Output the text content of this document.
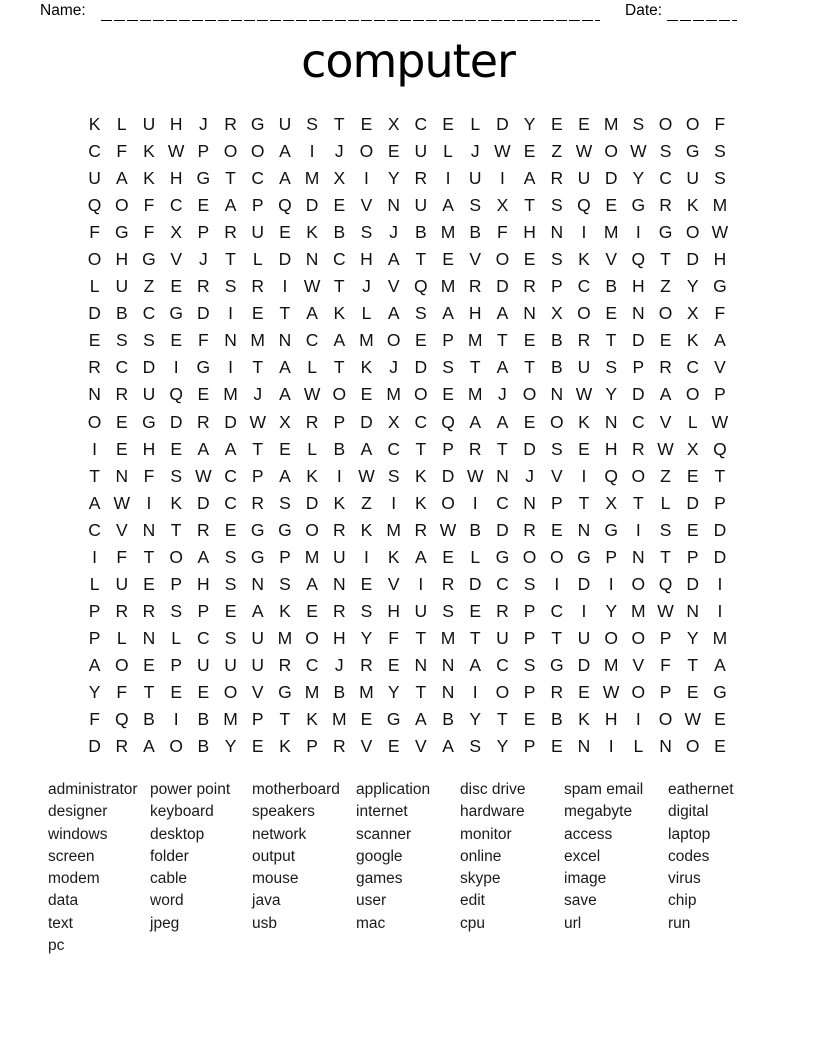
Name:	Date:
computer
K L U H J R G U S T E X C E L D Y E E M S O O F
C F K W P O O A	I	J O E U L	J W E Z W O W S G S
U A K H G T C A M X	I	Y R	I	U	I	A R U D Y C U S
Q O F C E A P Q D E V N U A S X T S Q E G R K M
F G F X P R U E K B S J B M B F H N	I M I	G O W
O H G V J T L D N C H A T E V O E S K V Q T D H
L U Z E R S R	I W T J V Q M R D R P C B H Z Y G
D B C G D	I	E T A K L A S A H A N X O E N O X F
E S S E F N M N C A M O E P M T E B R T D E K A
R C D	I	G	I	T A L T K J D S T A T B U S P R C V
N R U Q E M J A W O E M O E M J O N W Y D A O P
O E G D R D W X R P D X C Q A A E O K N C V L W
I	E H E A A T E L B A C T P R T D S E H R W X Q
T N F S W C P A K	I W S K D W N J V	I	Q O Z E T
A W I	K D C R S D K Z	I	K O	I	C N P T X T L D P
C V N T R E G G O R K M R W B D R E N G	I	S E D
I	F T O A S G P M U	I	K A E L G O O G P N T P D
L U E P H S N S A N E V	I	R D C S	I	D	I	O Q D	I
P R R S P E A K E R S H U S E R P C	I	Y M W N	I
P L N L C S U M O H Y F T M T U P T U O O P Y M
A O E P U U U R C J R E N N A C S G D M V F T A
Y F T E E O V G M B M Y T N	I	O P R E W O P E G
F Q B	I	B M P T K M E G A B Y T E B K H	I	O W E
D R A O B Y E K P R V E V A S Y P E N	I	L N O E
administrator
designer
windows
screen
modem
data
text
pc
power point
keyboard
desktop
folder
cable
word
jpeg
motherboard
speakers
network
output
mouse
java
usb
application
internet
scanner
google
games
user
mac
disc drive
hardware
monitor
online
skype
edit
cpu
spam email
megabyte
access
excel
image
save
url
eathernet
digital
laptop
codes
virus
chip
run
